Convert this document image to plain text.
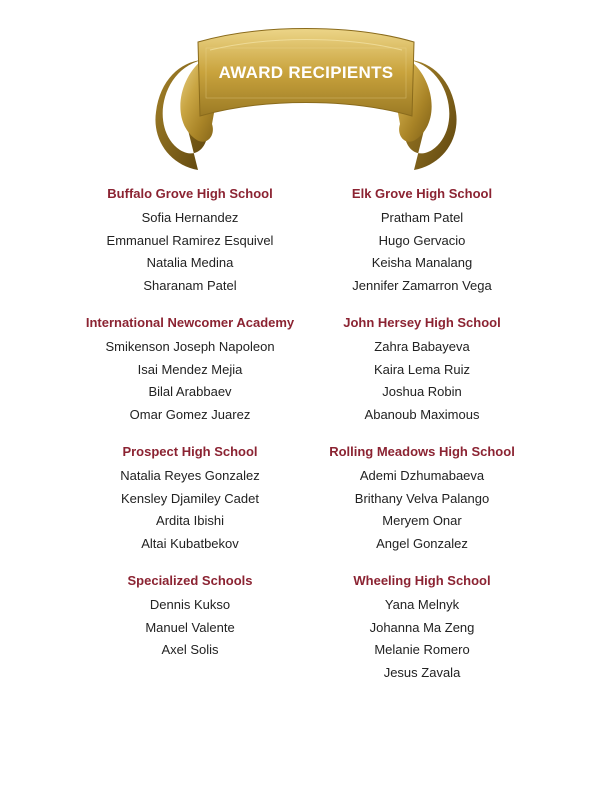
AWARD RECIPIENTS
Buffalo Grove High School
Sofia Hernandez
Emmanuel Ramirez Esquivel
Natalia Medina
Sharanam Patel
International Newcomer Academy
Smikenson Joseph Napoleon
Isai Mendez Mejia
Bilal Arabbaev
Omar Gomez Juarez
Prospect High School
Natalia Reyes Gonzalez
Kensley Djamiley Cadet
Ardita Ibishi
Altai Kubatbekov
Specialized Schools
Dennis Kukso
Manuel Valente
Axel Solis
Elk Grove High School
Pratham Patel
Hugo Gervacio
Keisha Manalang
Jennifer Zamarron Vega
John Hersey High School
Zahra Babayeva
Kaira Lema Ruiz
Joshua Robin
Abanoub Maximous
Rolling Meadows High School
Ademi Dzhumabaeva
Brithany Velva Palango
Meryem Onar
Angel Gonzalez
Wheeling High School
Yana Melnyk
Johanna Ma Zeng
Melanie Romero
Jesus Zavala
